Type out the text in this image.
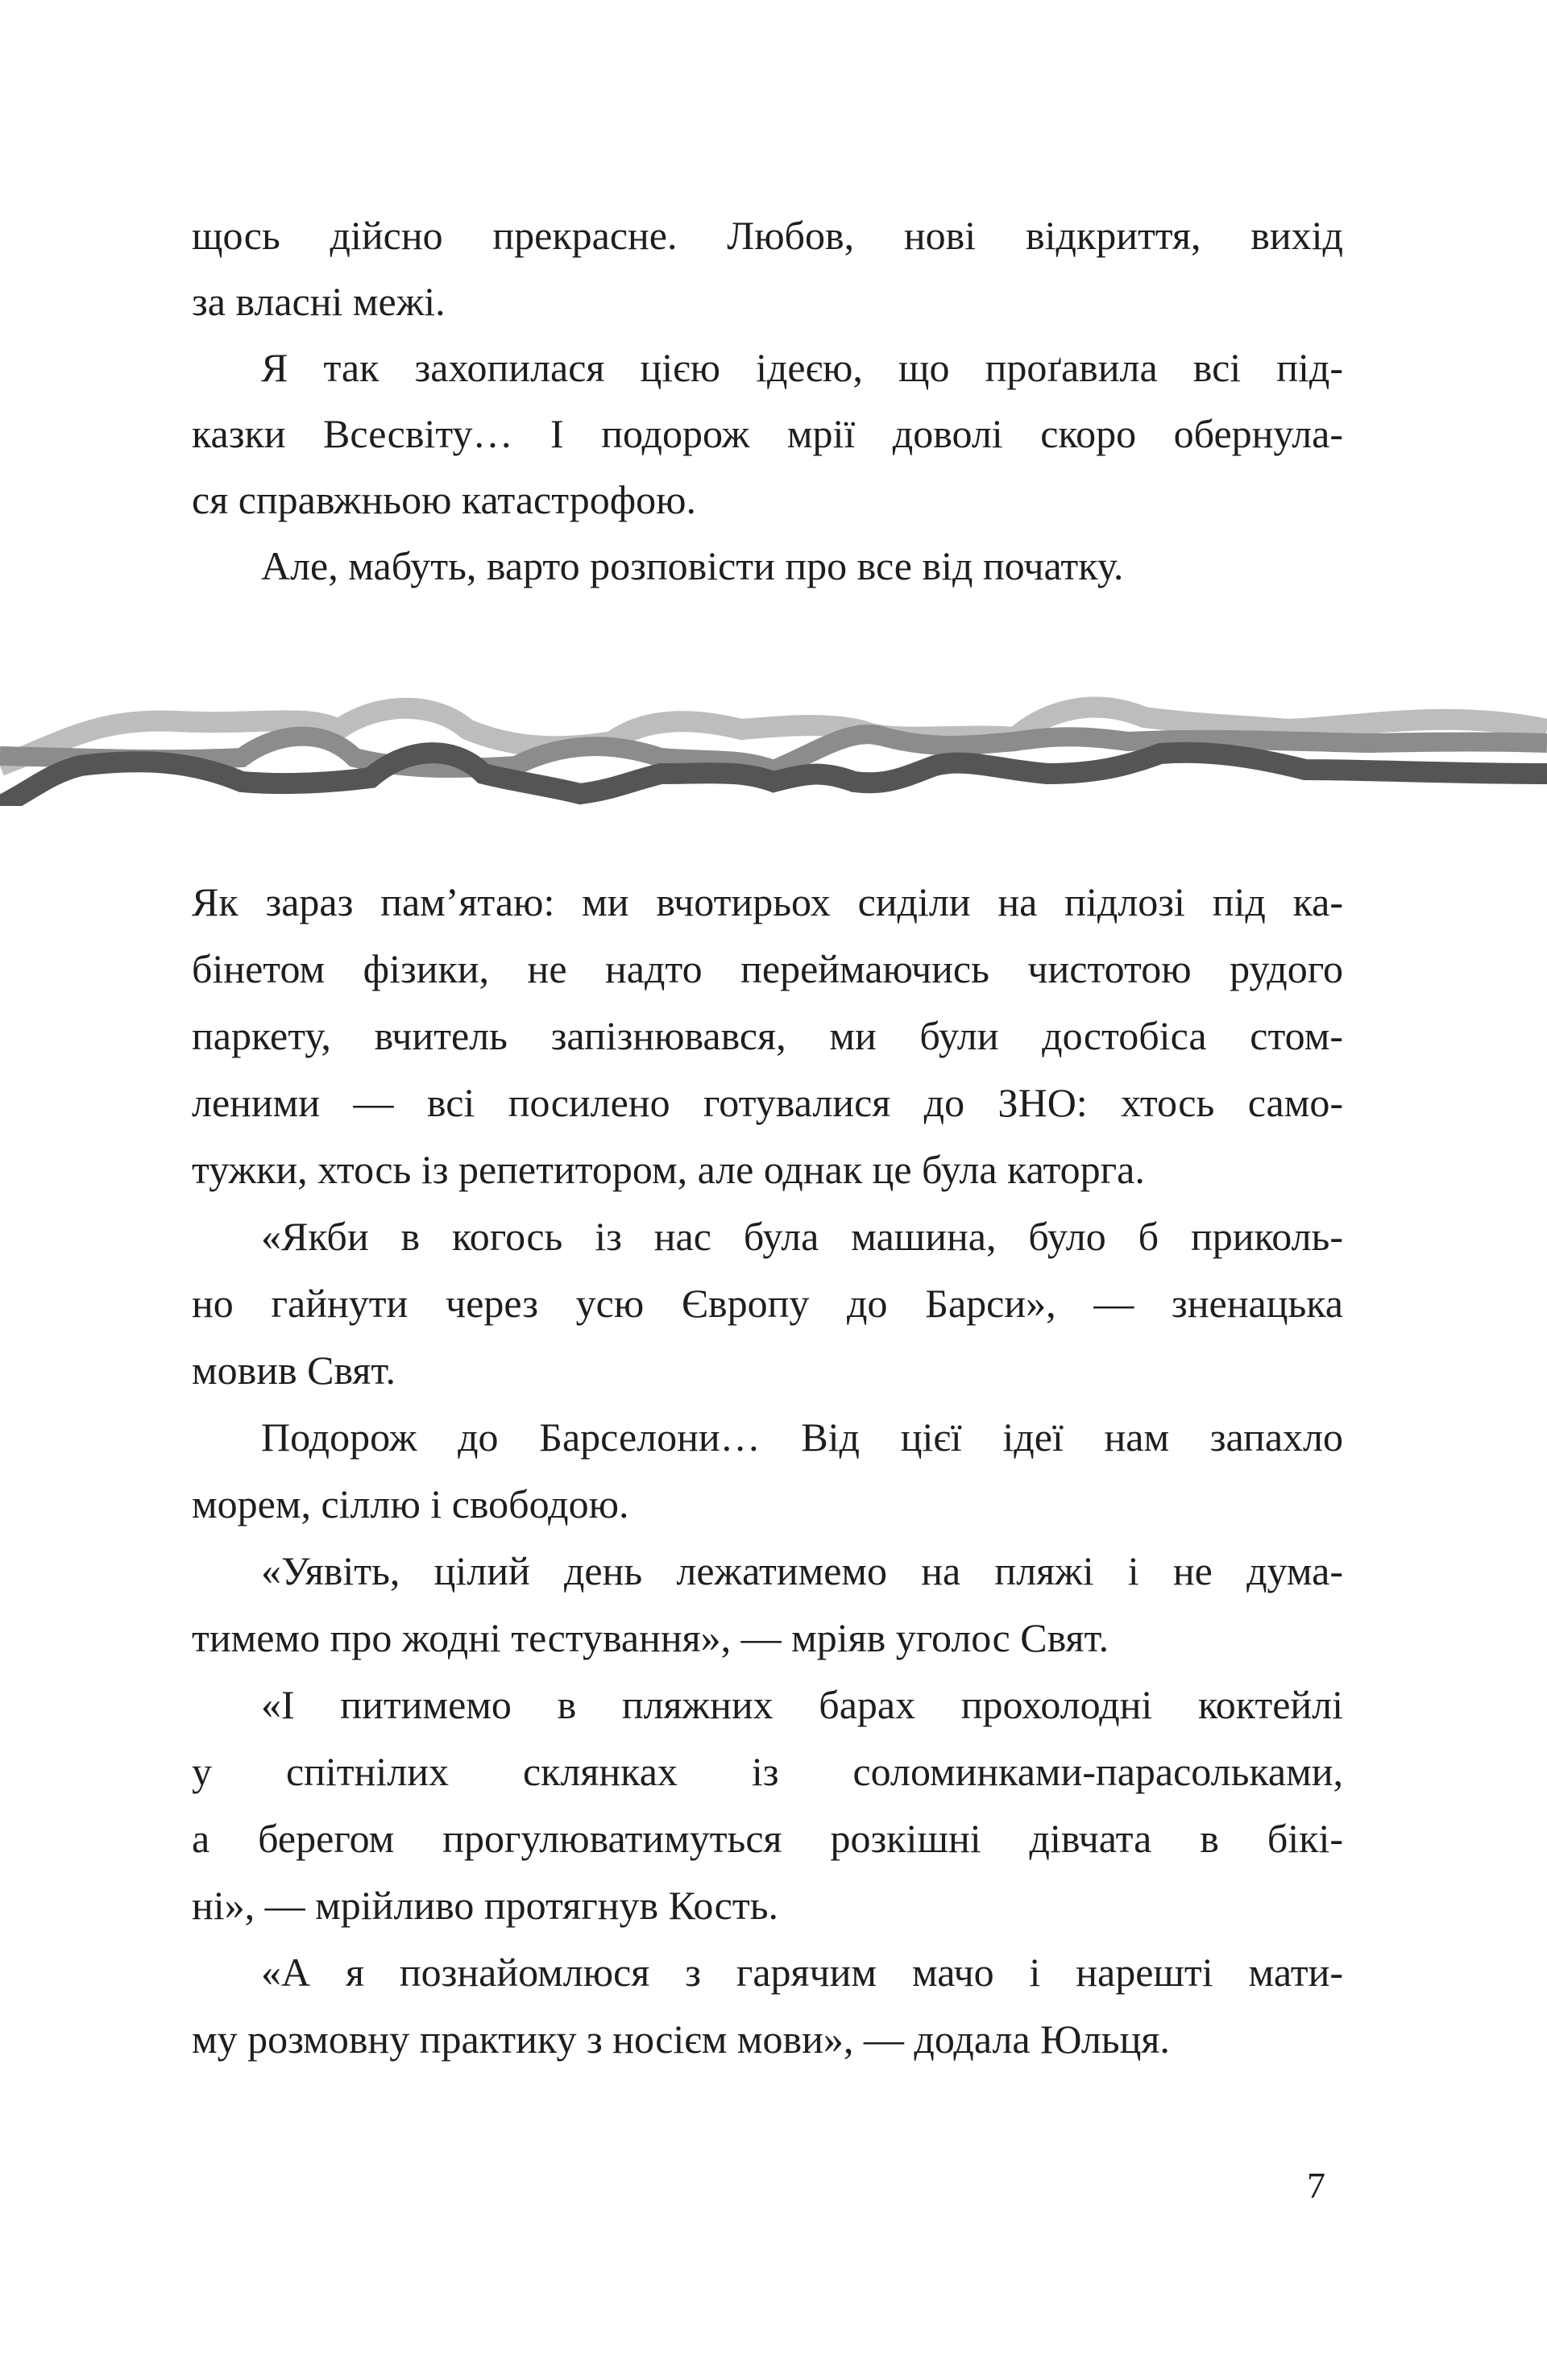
щось дійсно прекрасне. Любов, нові відкриття, вихід
за власні межі.
Я так захопилася цією ідеєю, що проґавила всі під-
казки Всесвіту… І подорож мрії доволі скоро обернула-
ся справжньою катастрофою.
Але, мабуть, варто розповісти про все від початку.
Як зараз пам’ятаю: ми вчотирьох сиділи на підлозі під ка-
бінетом фізики, не надто переймаючись чистотою рудого
паркету, вчитель запізнювався, ми були достобіса стом-
леними — всі посилено готувалися до ЗНО: хтось само-
тужки, хтось із репетитором, але однак це була каторга.
«Якби в когось із нас була машина, було б приколь-
но гайнути через усю Європу до Барси», — зненацька
мовив Свят.
Подорож до Барселони… Від цієї ідеї нам запахло
морем, сіллю і свободою.
«Уявіть, цілий день лежатимемо на пляжі і не дума-
тимемо про жодні тестування», — мріяв уголос Свят.
«І питимемо в пляжних барах прохолодні коктейлі
у спітнілих склянках із соломинками-парасольками,
а берегом прогулюватимуться розкішні дівчата в бікі-
ні», — мрійливо протягнув Кость.
«А я познайомлюся з гарячим мачо і нарешті мати-
му розмовну практику з носієм мови», — додала Юльця.
7
